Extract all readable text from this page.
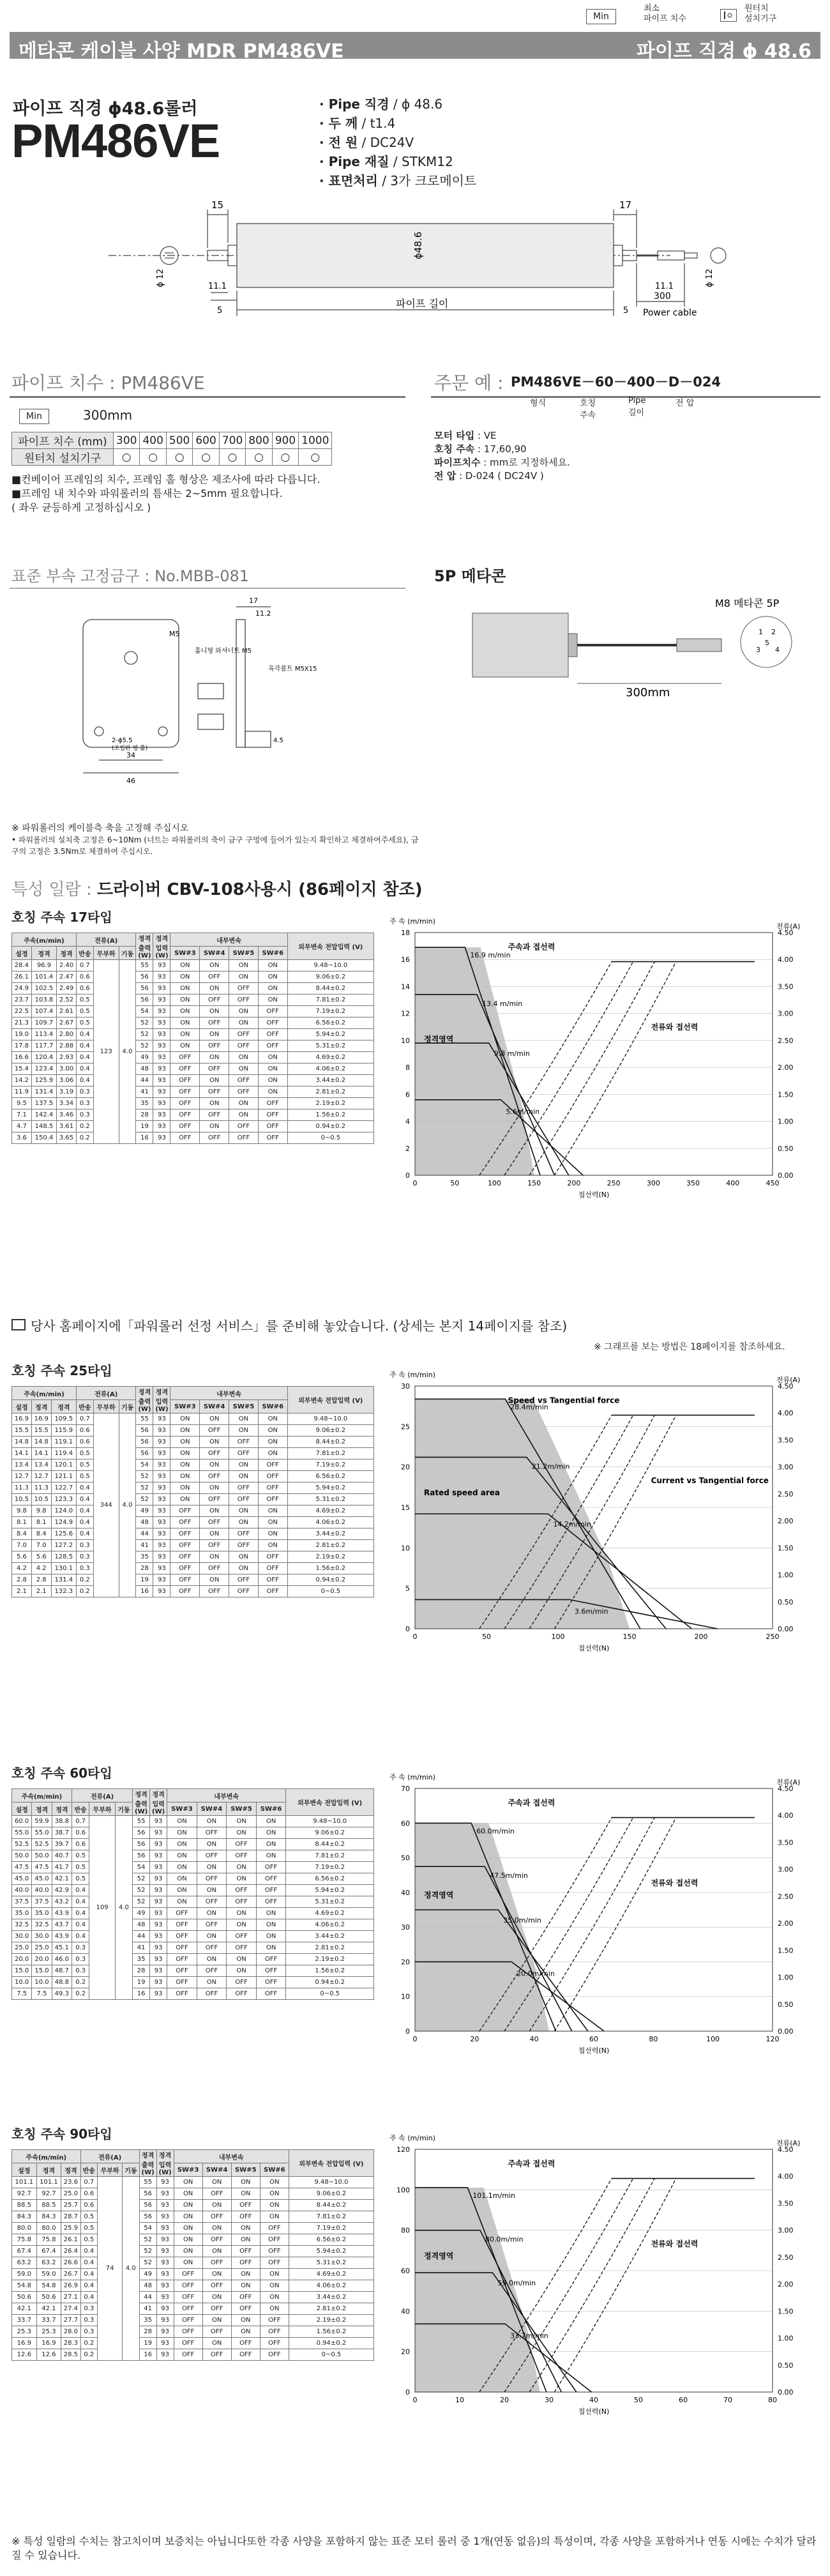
Min
최소
파이프 치수
원터치
설치기구
메타콘 케이블 사양 MDR PM486VE	파이프 직경 ϕ 48.6
파이프 직경 ϕ48.6롤러
PM486VE
· Pipe 직경 / ϕ 48.6
· 두 께 / t1.4
· 전 원 / DC24V
· Pipe 재질 / STKM12
· 표면처리 / 3가 크로메이트
15	17
ϕ48.6
ϕ 12	ϕ 12
11.1	11.1
5	5
파이프 길이
300
Power cable
파이프 치수 : PM486VE
Min	300mm
파이프 치수 (mm)	300	400	500	600	700	800	900	1000
원터치 설치기구	○	○	○	○	○	○	○	○
■컨베이어 프레임의 치수, 프레임 홀 형상은 제조사에 따라 다릅니다.
■프레임 내 치수와 파워롤러의 틈새는 2~5mm 필요합니다.
( 좌우 균등하게 고정하십시오 )
주문 예 : PM486VE－60－400－D－024
형식	호칭 주속
Pipe 길이
전 압
모터 타입 : VE
호칭 주속 : 17,60,90
파이프치수 : mm로 지정하세요.
전 압 : D-024 ( DC24V )
표준 부속 고정금구 : No.MBB-081
M5
17
11.2
홈니형 와셔너트 M5
육각볼트 M5X15
34
46
2-ϕ5.5
(조립완 평 홀)
4.5
5P 메타콘
1 2
3 4
5
M8 메타콘 5P
300mm
※ 파워롤러의 케이블측 축을 고정해 주십시오
• 파워롤러의 설치축 고정은 6~10Nm (너트는 파워롤러의 축이 금구 구멍에 들어가 있는지 확인하고 체결하여주세요), 금구의 고정은 3.5Nm로 체결하여 주십시오.
특성 일람 : 드라이버 CBV-108사용시 (86페이지 참조)
당사 홈페이지에「파워롤러 선정 서비스」를 준비해 놓았습니다. (상세는 본지 14페이지를 참조)
※ 그래프를 보는 방법은 18페이지를 참조하세요.
호칭 주속 17타입
주속(m/min)			전류(A)			정격 출력 (W)	정격 입력 (W)	내부변속				외부변속 전압입력 (V)
설정	정격	정격	반송	무부하	기동			SW#3	SW#4	SW#5	SW#6	
28.4	96.9	2.40	0.7	123	4.0	55	93	ON	ON	ON	ON	9.48~10.0
26.1	101.4	2.47	0.6			56	93	ON	OFF	ON	ON	9.06±0.2
24.9	102.5	2.49	0.6			56	93	ON	ON	OFF	ON	8.44±0.2
23.7	103.8	2.52	0.5			56	93	ON	OFF	OFF	ON	7.81±0.2
22.5	107.4	2.61	0.5			54	93	ON	ON	ON	OFF	7.19±0.2
21.3	109.7	2.67	0.5			52	93	ON	OFF	ON	OFF	6.56±0.2
19.0	113.4	2.80	0.4			52	93	ON	ON	OFF	OFF	5.94±0.2
17.8	117.7	2.88	0.4			52	93	ON	OFF	OFF	OFF	5.31±0.2
16.6	120.4	2.93	0.4			49	93	OFF	ON	ON	ON	4.69±0.2
15.4	123.4	3.00	0.4			48	93	OFF	OFF	ON	ON	4.06±0.2
14.2	125.9	3.06	0.4			44	93	OFF	ON	OFF	ON	3.44±0.2
11.9	131.4	3.19	0.3			41	93	OFF	OFF	OFF	ON	2.81±0.2
9.5	137.5	3.34	0.3			35	93	OFF	ON	ON	OFF	2.19±0.2
7.1	142.4	3.46	0.3			28	93	OFF	OFF	ON	OFF	1.56±0.2
4.7	148.5	3.61	0.2			19	93	OFF	ON	OFF	OFF	0.94±0.2
3.6	150.4	3.65	0.2			16	93	OFF	OFF	OFF	OFF	0~0.5
0
2
4
6
8
10
12
14
16
18
0	50	100	150	200	250	300	350	400	450
0.00
0.50
1.00
1.50
2.00
2.50
3.00
3.50
4.00
4.50
주 속 (m/min)
전류(A)
접선력(N)
16.9 m/min
13.4 m/min
9.8 m/min
5.6m/min
주속과 접선력
정격영역
전류와 접선력
호칭 주속 25타입
주속(m/min)			전류(A)			정격 출력 (W)	정격 입력 (W)	내부변속				외부변속 전압입력 (V)
설정	정격	정격	반송	무부하	기동			SW#3	SW#4	SW#5	SW#6	
16.9	16.9	109.5	0.7	344	4.0	55	93	ON	ON	ON	ON	9.48~10.0
15.5	15.5	115.9	0.6			56	93	ON	OFF	ON	ON	9.06±0.2
14.8	14.8	119.1	0.6			56	93	ON	ON	OFF	ON	8.44±0.2
14.1	14.1	119.4	0.5			56	93	ON	OFF	OFF	ON	7.81±0.2
13.4	13.4	120.1	0.5			54	93	ON	ON	ON	OFF	7.19±0.2
12.7	12.7	121.1	0.5			52	93	ON	OFF	ON	OFF	6.56±0.2
11.3	11.3	122.7	0.4			52	93	ON	ON	OFF	OFF	5.94±0.2
10.5	10.5	123.3	0.4			52	93	ON	OFF	OFF	OFF	5.31±0.2
9.8	9.8	124.0	0.4			49	93	OFF	ON	ON	ON	4.69±0.2
8.1	8.1	124.9	0.4			48	93	OFF	OFF	ON	ON	4.06±0.2
8.4	8.4	125.6	0.4			44	93	OFF	ON	OFF	ON	3.44±0.2
7.0	7.0	127.2	0.3			41	93	OFF	OFF	OFF	ON	2.81±0.2
5.6	5.6	128.5	0.3			35	93	OFF	ON	ON	OFF	2.19±0.2
4.2	4.2	130.1	0.3			28	93	OFF	OFF	ON	OFF	1.56±0.2
2.8	2.8	131.4	0.2			19	93	OFF	ON	OFF	OFF	0.94±0.2
2.1	2.1	132.3	0.2			16	93	OFF	OFF	OFF	OFF	0~0.5
0
5
10
15
20
25
30
0	50	100	150	200	250
0.00
0.50
1.00
1.50
2.00
2.50
3.00
3.50
4.00
4.50
주 속 (m/min)
전류(A)
접선력(N)
28.4m/min
21.2m/min
14.2m/min
3.6m/min
Speed vs Tangential force
Rated speed area
Current vs Tangential force
호칭 주속 60타입
주속(m/min)			전류(A)			정격 출력 (W)	정격 입력 (W)	내부변속				외부변속 전압입력 (V)
설정	정격	정격	반송	무부하	기동			SW#3	SW#4	SW#5	SW#6	
60.0	59.9	38.8	0.7	109	4.0	55	93	ON	ON	ON	ON	9.48~10.0
55.0	55.0	38.7	0.6			56	93	ON	OFF	ON	ON	9.06±0.2
52.5	52.5	39.7	0.6			56	93	ON	ON	OFF	ON	8.44±0.2
50.0	50.0	40.7	0.5			56	93	ON	OFF	OFF	ON	7.81±0.2
47.5	47.5	41.7	0.5			54	93	ON	ON	ON	OFF	7.19±0.2
45.0	45.0	42.1	0.5			52	93	ON	OFF	ON	OFF	6.56±0.2
40.0	40.0	42.9	0.4			52	93	ON	ON	OFF	OFF	5.94±0.2
37.5	37.5	43.2	0.4			52	93	ON	OFF	OFF	OFF	5.31±0.2
35.0	35.0	43.9	0.4			49	93	OFF	ON	ON	ON	4.69±0.2
32.5	32.5	43.7	0.4			48	93	OFF	OFF	ON	ON	4.06±0.2
30.0	30.0	43.9	0.4			44	93	OFF	ON	OFF	ON	3.44±0.2
25.0	25.0	45.1	0.3			41	93	OFF	OFF	OFF	ON	2.81±0.2
20.0	20.0	46.0	0.3			35	93	OFF	ON	ON	OFF	2.19±0.2
15.0	15.0	48.7	0.3			28	93	OFF	OFF	ON	OFF	1.56±0.2
10.0	10.0	48.8	0.2			19	93	OFF	ON	OFF	OFF	0.94±0.2
7.5	7.5	49.3	0.2			16	93	OFF	OFF	OFF	OFF	0~0.5
0
10
20
30
40
50
60
70
0	20	40	60	80	100	120
0.00
0.50
1.00
1.50
2.00
2.50
3.00
3.50
4.00
4.50
주 속 (m/min)
전류(A)
접선력(N)
60.0m/min
47.5m/min
35.0m/min
20.0m/min
주속과 접선력
정격영역
전류와 접선력
호칭 주속 90타입
주속(m/min)			전류(A)			정격 출력 (W)	정격 입력 (W)	내부변속				외부변속 전압입력 (V)
설정	정격	정격	반송	무부하	기동			SW#3	SW#4	SW#5	SW#6	
101.1	101.1	23.6	0.7	74	4.0	55	93	ON	ON	ON	ON	9.48~10.0
92.7	92.7	25.0	0.6			56	93	ON	OFF	ON	ON	9.06±0.2
88.5	88.5	25.7	0.6			56	93	ON	ON	OFF	ON	8.44±0.2
84.3	84.3	28.7	0.5			56	93	ON	OFF	OFF	ON	7.81±0.2
80.0	80.0	25.9	0.5			54	93	ON	ON	ON	OFF	7.19±0.2
75.8	75.8	26.1	0.5			52	93	ON	OFF	ON	OFF	6.56±0.2
67.4	67.4	26.4	0.4			52	93	ON	ON	OFF	OFF	5.94±0.2
63.2	63.2	26.6	0.4			52	93	ON	OFF	OFF	OFF	5.31±0.2
59.0	59.0	26.7	0.4			49	93	OFF	ON	ON	ON	4.69±0.2
54.8	54.8	26.9	0.4			48	93	OFF	OFF	ON	ON	4.06±0.2
50.6	50.6	27.1	0.4			44	93	OFF	ON	OFF	ON	3.44±0.2
42.1	42.1	27.4	0.3			41	93	OFF	OFF	OFF	ON	2.81±0.2
33.7	33.7	27.7	0.3			35	93	OFF	ON	ON	OFF	2.19±0.2
25.3	25.3	28.0	0.3			28	93	OFF	OFF	ON	OFF	1.56±0.2
16.9	16.9	28.3	0.2			19	93	OFF	ON	OFF	OFF	0.94±0.2
12.6	12.6	28.5	0.2			16	93	OFF	OFF	OFF	OFF	0~0.5
0
20
40
60
80
100
120
0	10	20	30	40	50	60	70	80
0.00
0.50
1.00
1.50
2.00
2.50
3.00
3.50
4.00
4.50
주 속 (m/min)
전류(A)
접선력(N)
101.1m/min
80.0m/min
59.0m/min
33.7m/min
주속과 접선력
정격영역
전류와 접선력
※ 특성 일람의 수치는 참고치이며 보증치는 아닙니다또한 각종 사양을 포함하지 않는 표준 모터 롤러 중 1개(연동 없음)의 특성이며, 각종 사양을 포함하거나 연동 시에는 수치가 달라질 수 있습니다.
